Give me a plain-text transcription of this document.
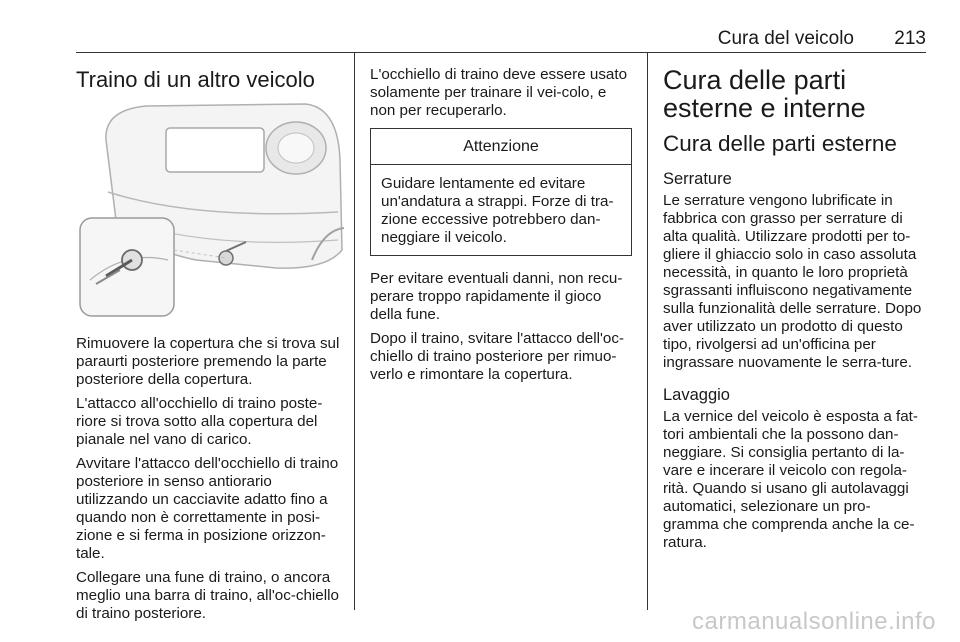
Cura del veicolo 213
Traino di un altro veicolo

Rimuovere la copertura che si trova sul paraurti posteriore premendo la parte posteriore della copertura.

L'attacco all'occhiello di traino poste-riore si trova sotto alla copertura del pianale nel vano di carico.

Avvitare l'attacco dell'occhiello di traino posteriore in senso antiorario utilizzando un cacciavite adatto fino a quando non è correttamente in posi-zione e si ferma in posizione orizzon-tale.

Collegare una fune di traino, o ancora meglio una barra di traino, all'oc-chiello di traino posteriore.

L'occhiello di traino deve essere usato solamente per trainare il vei-colo, e non per recuperarlo.

Attenzione
Guidare lentamente ed evitare un'andatura a strappi. Forze di tra-zione eccessive potrebbero dan-neggiare il veicolo.

Per evitare eventuali danni, non recu-perare troppo rapidamente il gioco della fune.

Dopo il traino, svitare l'attacco dell'oc-chiello di traino posteriore per rimuo-verlo e rimontare la copertura.

Cura delle parti esterne e interne
Cura delle parti esterne
Serrature

Le serrature vengono lubrificate in fabbrica con grasso per serrature di alta qualità. Utilizzare prodotti per to-gliere il ghiaccio solo in caso assoluta necessità, in quanto le loro proprietà sgrassanti influiscono negativamente sulla funzionalità delle serrature. Dopo aver utilizzato un prodotto di questo tipo, rivolgersi ad un'officina per ingrassare nuovamente le serra-ture.

Lavaggio

La vernice del veicolo è esposta a fat-tori ambientali che la possono dan-neggiare. Si consiglia pertanto di la-vare e incerare il veicolo con regola-rità. Quando si usano gli autolavaggi automatici, selezionare un pro-gramma che comprenda anche la ce-ratura.

carmanualsonline.info
